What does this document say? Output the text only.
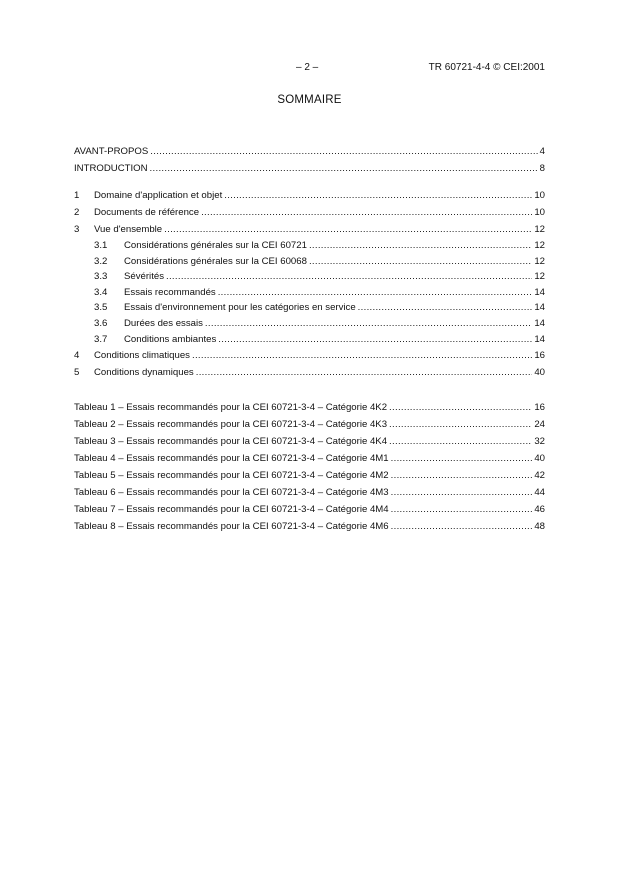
– 2 –	TR 60721-4-4 © CEI:2001
SOMMAIRE
AVANT-PROPOS .....	4
INTRODUCTION .....	8
1	Domaine d'application et objet .....	10
2	Documents de référence .....	10
3	Vue d'ensemble .....	12
3.1	Considérations générales sur la CEI 60721 .....	12
3.2	Considérations générales sur la CEI 60068 .....	12
3.3	Sévérités .....	12
3.4	Essais recommandés .....	14
3.5	Essais d'environnement pour les catégories en service .....	14
3.6	Durées des essais .....	14
3.7	Conditions ambiantes .....	14
4	Conditions climatiques .....	16
5	Conditions dynamiques .....	40
Tableau 1 – Essais recommandés pour la CEI 60721-3-4 – Catégorie 4K2 .....	16
Tableau 2 – Essais recommandés pour la CEI 60721-3-4 – Catégorie 4K3 .....	24
Tableau 3 – Essais recommandés pour la CEI 60721-3-4 – Catégorie 4K4 .....	32
Tableau 4 – Essais recommandés pour la CEI 60721-3-4 – Catégorie 4M1 .....	40
Tableau 5 – Essais recommandés pour la CEI 60721-3-4 – Catégorie 4M2 .....	42
Tableau 6 – Essais recommandés pour la CEI 60721-3-4 – Catégorie 4M3 .....	44
Tableau 7 – Essais recommandés pour la CEI 60721-3-4 – Catégorie 4M4 .....	46
Tableau 8 – Essais recommandés pour la CEI 60721-3-4 – Catégorie 4M6 .....	48
